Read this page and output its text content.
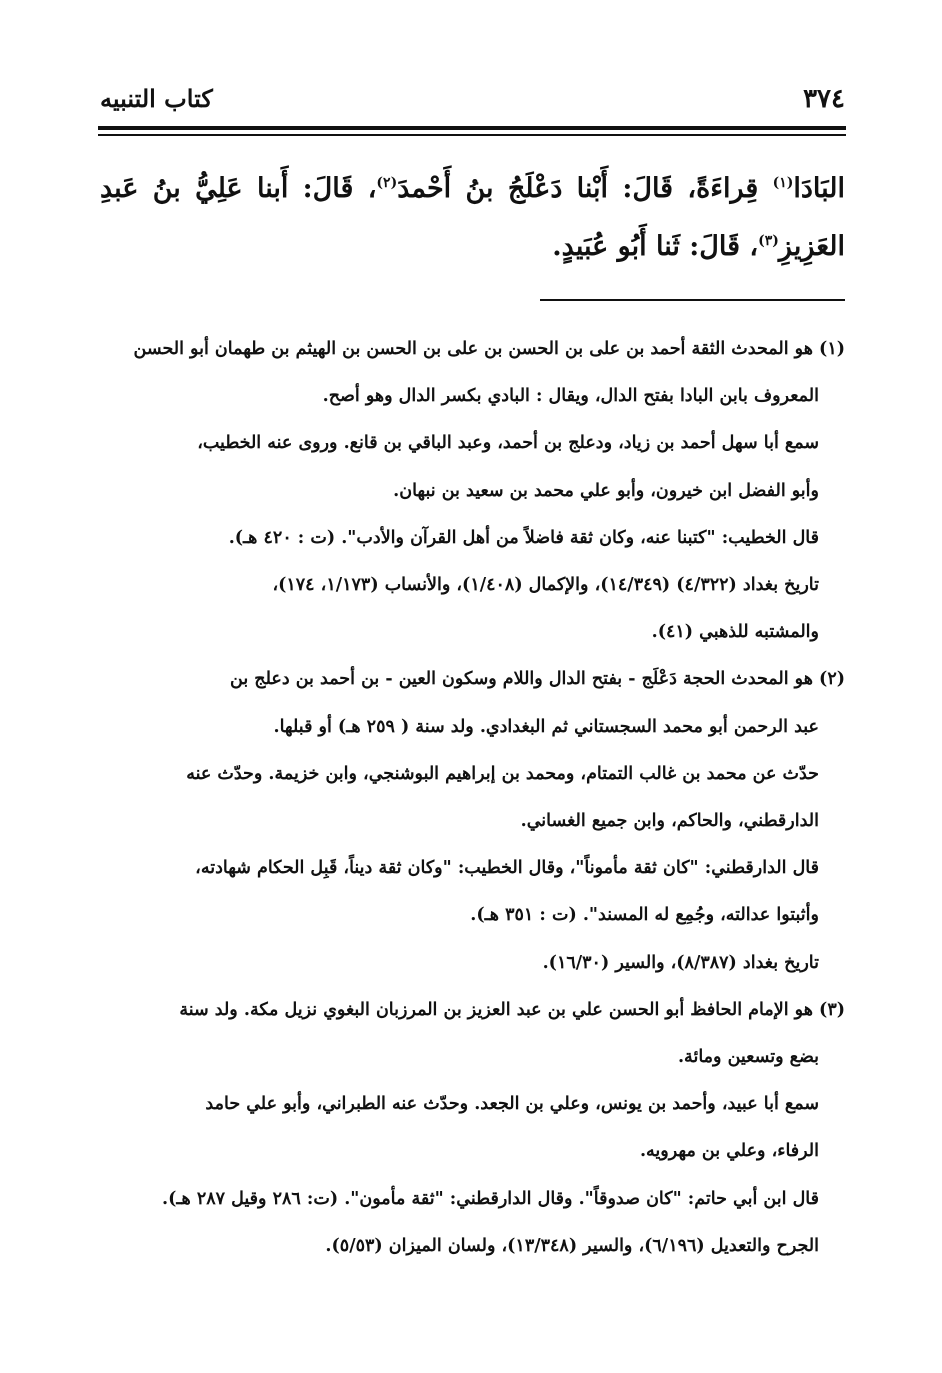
٣٧٤
كتاب التنبيه
البَادَا$^{(١)}$ قِراءَةً، قَالَ: أَبْنا دَعْلَجُ بنُ أَحْمدَ$^{(٢)}$، قَالَ: أَبنا عَلِيُّ بنُ عَبدِ العَزِيزِ$^{(٣)}$، قَالَ: ثَنا أَبُو عُبَيدٍ.

(١) هو المحدث الثقة أحمد بن على بن الحسن بن على بن الحسن بن الهيثم بن طهمان أبو الحسن

المعروف بابن البادا بفتح الدال، ويقال : البادي بكسر الدال وهو أصح.

سمع أبا سهل أحمد بن زياد، ودعلج بن أحمد، وعبد الباقي بن قانع. وروى عنه الخطيب،

وأبو الفضل ابن خيرون، وأبو علي محمد بن سعيد بن نبهان.

قال الخطيب: "كتبنا عنه، وكان ثقة فاضلاً من أهل القرآن والأدب". (ت : ٤٢٠ هـ).

تاريخ بغداد (٤/٣٢٢) (١٤/٣٤٩)، والإكمال (١/٤٠٨)، والأنساب (١/١٧٣، ١٧٤)،

والمشتبه للذهبي (٤١).

(٢) هو المحدث الحجة دَعْلَج - بفتح الدال واللام وسكون العين - بن أحمد بن دعلج بن

عبد الرحمن أبو محمد السجستاني ثم البغدادي. ولد سنة ( ٢٥٩ هـ) أو قبلها.

حدّث عن محمد بن غالب التمتام، ومحمد بن إبراهيم البوشنجي، وابن خزيمة. وحدّث عنه

الدارقطني، والحاكم، وابن جميع الغساني.

قال الدارقطني: "كان ثقة مأموناً"، وقال الخطيب: "وكان ثقة ديناً، قَبِل الحكام شهادته،

وأثبتوا عدالته، وجُمِع له المسند". (ت : ٣٥١ هـ).

تاريخ بغداد (٨/٣٨٧)، والسير (١٦/٣٠).

(٣) هو الإمام الحافظ أبو الحسن علي بن عبد العزيز بن المرزبان البغوي نزيل مكة. ولد سنة

بضع وتسعين ومائة.

سمع أبا عبيد، وأحمد بن يونس، وعلي بن الجعد. وحدّث عنه الطبراني، وأبو علي حامد

الرفاء، وعلي بن مهرويه.

قال ابن أبي حاتم: "كان صدوقاً". وقال الدارقطني: "ثقة مأمون". (ت: ٢٨٦ وقيل ٢٨٧ هـ).

الجرح والتعديل (٦/١٩٦)، والسير (١٣/٣٤٨)، ولسان الميزان (٥/٥٣).
